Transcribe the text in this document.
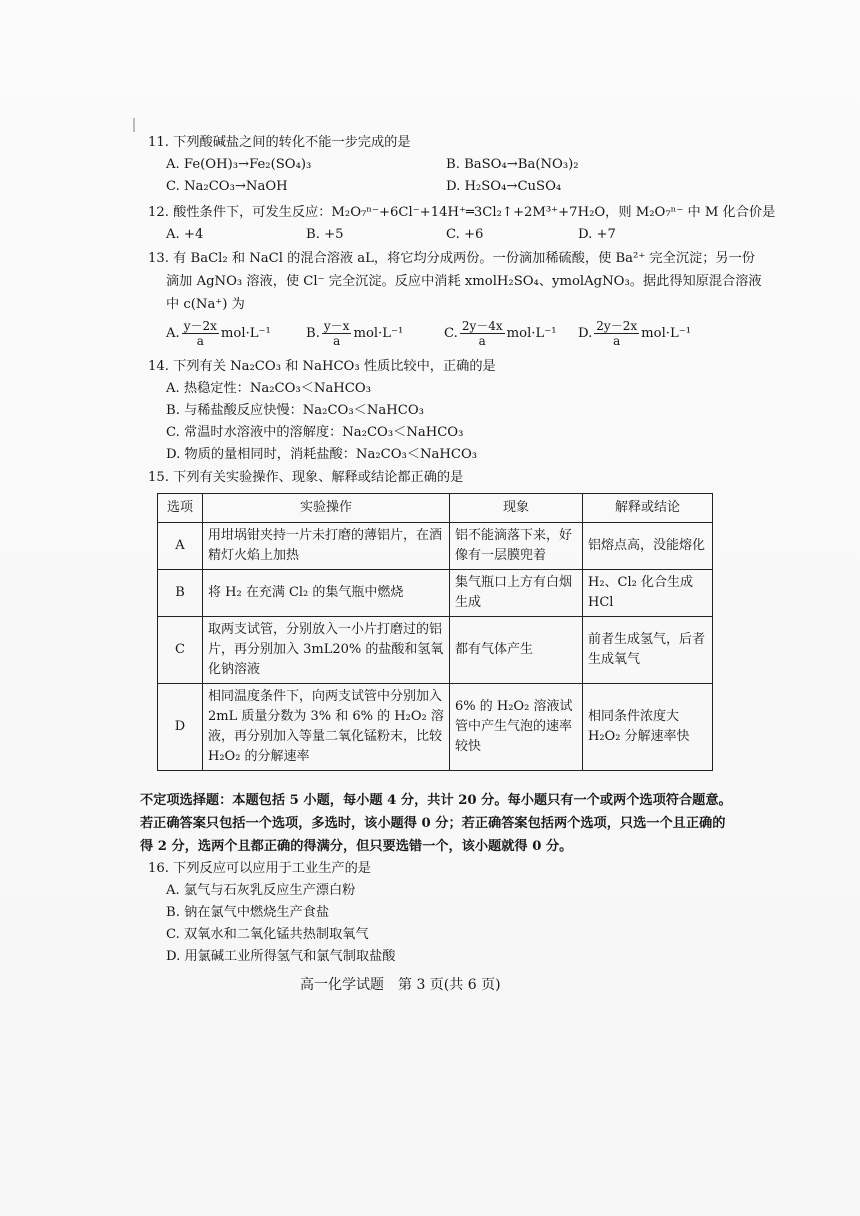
11. 下列酸碱盐之间的转化不能一步完成的是
A. Fe(OH)₃→Fe₂(SO₄)₃	B. BaSO₄→Ba(NO₃)₂
C. Na₂CO₃→NaOH	D. H₂SO₄→CuSO₄
12. 酸性条件下，可发生反应：M₂O₇ⁿ⁻+6Cl⁻+14H⁺═3Cl₂↑+2M³⁺+7H₂O，则 M₂O₇ⁿ⁻ 中 M 化合价是
A. +4	B. +5	C. +6	D. +7
13. 有 BaCl₂ 和 NaCl 的混合溶液 aL，将它均分成两份。一份滴加稀硫酸，使 Ba²⁺ 完全沉淀；另一份
滴加 AgNO₃ 溶液，使 Cl⁻ 完全沉淀。反应中消耗 xmolH₂SO₄、ymolAgNO₃。据此得知原混合溶液
中 c(Na⁺) 为
A. $\frac{y-2x}{a} mol\cdot L^{-1}$	B. $\frac{y-x}{a} mol\cdot L^{-1}$	C. $\frac{2y-4x}{a} mol\cdot L^{-1}$ D. $\frac{2y-2x}{a} mol\cdot L^{-1}$
14. 下列有关 Na₂CO₃ 和 NaHCO₃ 性质比较中，正确的是
A. 热稳定性：Na₂CO₃＜NaHCO₃
B. 与稀盐酸反应快慢：Na₂CO₃＜NaHCO₃
C. 常温时水溶液中的溶解度：Na₂CO₃＜NaHCO₃
D. 物质的量相同时，消耗盐酸：Na₂CO₃＜NaHCO₃
15. 下列有关实验操作、现象、解释或结论都正确的是
选项	实验操作	现象	解释或结论
A	用坩埚钳夹持一片未打磨的薄铝片，在酒精灯火焰上加热	铝不能滴落下来，好像有一层膜兜着	铝熔点高，没能熔化
B	将 H₂ 在充满 Cl₂ 的集气瓶中燃烧	集气瓶口上方有白烟生成	H₂、Cl₂ 化合生成 HCl
C	取两支试管，分别放入一小片打磨过的铝片，再分别加入 3mL20% 的盐酸和氢氧化钠溶液	都有气体产生	前者生成氢气，后者生成氧气
D	相同温度条件下，向两支试管中分别加入 2mL 质量分数为 3% 和 6% 的 H₂O₂ 溶液，再分别加入等量二氧化锰粉末，比较 H₂O₂ 的分解速率	6% 的 H₂O₂ 溶液试管中产生气泡的速率较快	相同条件浓度大 H₂O₂ 分解速率快
不定项选择题：本题包括 5 小题，每小题 4 分，共计 20 分。每小题只有一个或两个选项符合题意。
若正确答案只包括一个选项，多选时，该小题得 0 分；若正确答案包括两个选项，只选一个且正确的
得 2 分，选两个且都正确的得满分，但只要选错一个，该小题就得 0 分。
16. 下列反应可以应用于工业生产的是
A. 氯气与石灰乳反应生产漂白粉
B. 钠在氯气中燃烧生产食盐
C. 双氧水和二氧化锰共热制取氧气
D. 用氯碱工业所得氢气和氯气制取盐酸
高一化学试题　第 3 页(共 6 页)
